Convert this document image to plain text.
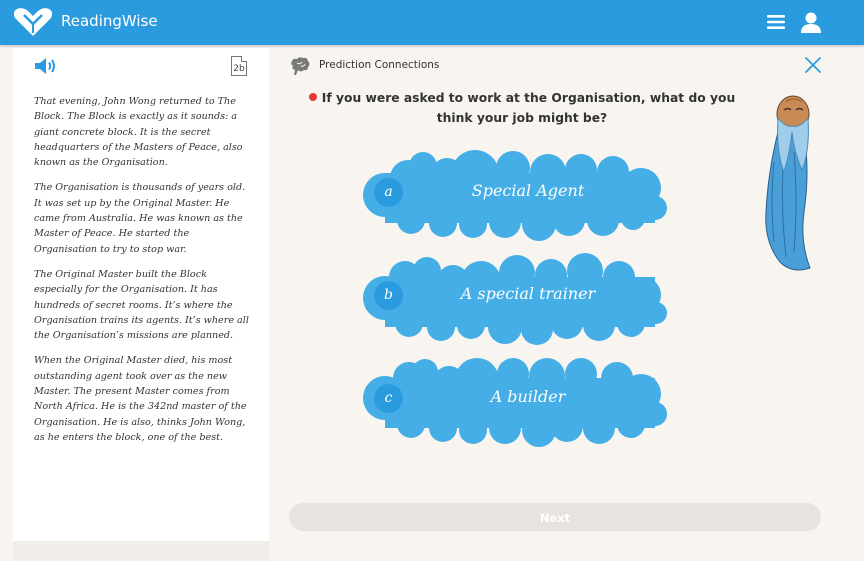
ReadingWise
2b

That evening, John Wong returned to The Block. The Block is exactly as it sounds: a giant concrete block. It is the secret headquarters of the Masters of Peace, also known as the Organisation.

The Organisation is thousands of years old. It was set up by the Original Master. He came from Australia. He was known as the Master of Peace. He started the Organisation to try to stop war.

The Original Master built the Block especially for the Organisation. It has hundreds of secret rooms. It’s where the Organisation trains its agents. It’s where all the Organisation’s missions are planned.

When the Original Master died, his most outstanding agent took over as the new Master. The present Master comes from North Africa. He is the 342nd master of the Organisation. He is also, thinks John Wong, as he enters the block, one of the best.

Prediction Connections
If you were asked to work at the Organisation, what do you think your job might be?
a	Special Agent
b	A special trainer
c	A builder
Next
